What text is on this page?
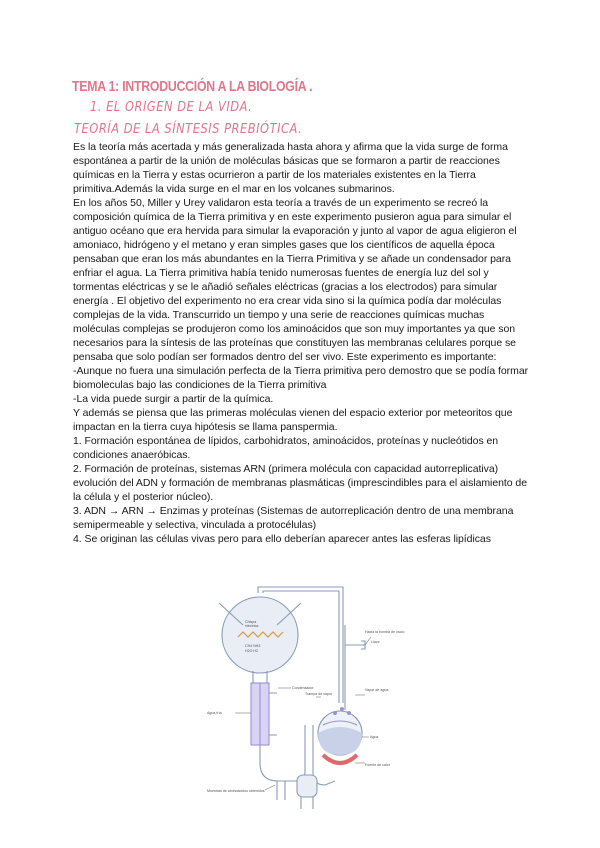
TEMA 1: INTRODUCCIÓN A LA BIOLOGÍA .
1. EL ORIGEN DE LA VIDA.
TEORÍA DE LA SÍNTESIS PREBIÓTICA.

Es la teoría más acertada y más generalizada hasta ahora y afirma que la vida surge de forma espontánea a partir de la unión de moléculas básicas que se formaron a partir de reacciones químicas en la Tierra y estas ocurrieron a partir de los materiales existentes en la Tierra primitiva.Además la vida surge en el mar en los volcanes submarinos.

En los años 50, Miller y Urey validaron esta teoría a través de un experimento se recreó la composición química de la Tierra primitiva y en este experimento pusieron agua para simular el antiguo océano que era hervida para simular la evaporación y junto al vapor de agua eligieron el amoniaco, hidrógeno y el metano y eran simples gases que los científicos de aquella época pensaban que eran los más abundantes en la Tierra Primitiva y se añade un condensador para enfriar el agua. La Tierra primitiva había tenido numerosas fuentes de energía luz del sol y tormentas eléctricas y se le añadió señales eléctricas (gracias a los electrodos) para simular energía . El objetivo del experimento no era crear vida sino si la química podía dar moléculas complejas de la vida. Transcurrido un tiempo y una serie de reacciones químicas muchas moléculas complejas se produjeron como los aminoácidos que son muy importantes ya que son necesarios para la síntesis de las proteínas que constituyen las membranas celulares porque se pensaba que solo podían ser formados dentro del ser vivo. Este experimento es importante:

-Aunque no fuera una simulación perfecta de la Tierra primitiva pero demostro que se podía formar biomoleculas bajo las condiciones de la Tierra primitiva

-La vida puede surgir a partir de la química.

Y además se piensa que las primeras moléculas vienen del espacio exterior por meteoritos que impactan en la tierra cuya hipótesis se llama panspermia.

1. Formación espontánea de lípidos, carbohidratos, aminoácidos, proteínas y nucleótidos en condiciones anaeróbicas.

2. Formación de proteínas, sistemas ARN (primera molécula con capacidad autorreplicativa) evolución del ADN y formación de membranas plasmáticas (imprescindibles para el aislamiento de la célula y el posterior núcleo).

3. ADN → ARN → Enzimas y proteínas (Sistemas de autorreplicación dentro de una membrana semipermeable y selectiva, vinculada a protocélulas)

4. Se originan las células vivas pero para ello deberían aparecer antes las esferas lipídicas

CH4 NH3
H2O H2
Chispa
eléctrica
Condensador
Agua fría
Trampa de vapor
Vapor de agua
Agua
Fuente de calor
Hacia la bomba de vacío
Llave
Muestras de aminoácidos obtenidos
